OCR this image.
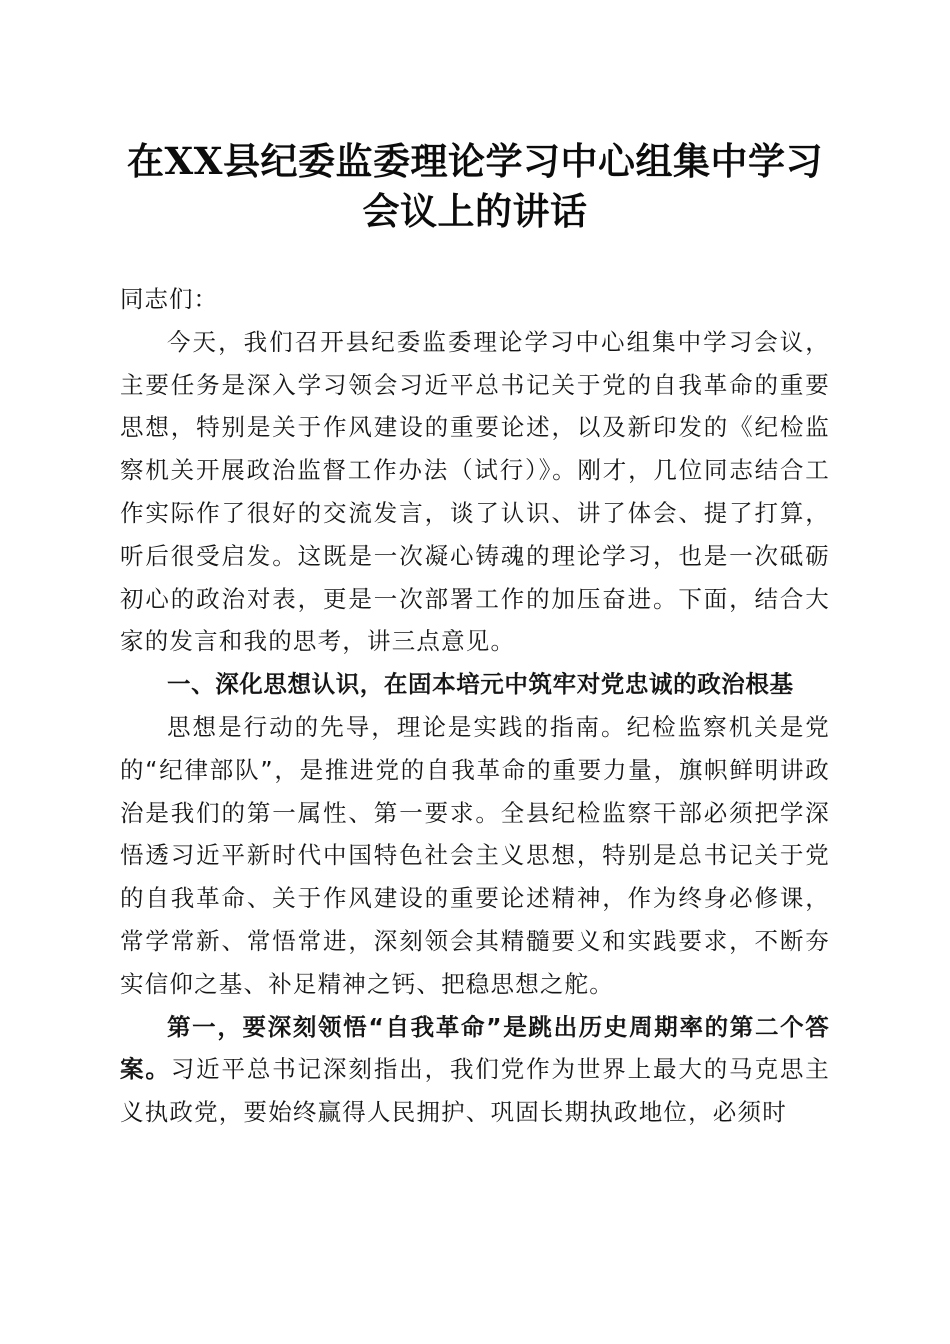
在XX县纪委监委理论学习中心组集中学习会议上的讲话

同志们：

今天，我们召开县纪委监委理论学习中心组集中学习会议，主要任务是深入学习领会习近平总书记关于党的自我革命的重要思想，特别是关于作风建设的重要论述，以及新印发的《纪检监察机关开展政治监督工作办法（试行）》。刚才，几位同志结合工作实际作了很好的交流发言，谈了认识、讲了体会、提了打算，听后很受启发。这既是一次凝心铸魂的理论学习，也是一次砥砺初心的政治对表，更是一次部署工作的加压奋进。下面，结合大家的发言和我的思考，讲三点意见。

一、深化思想认识，在固本培元中筑牢对党忠诚的政治根基

思想是行动的先导，理论是实践的指南。纪检监察机关是党的“纪律部队”，是推进党的自我革命的重要力量，旗帜鲜明讲政治是我们的第一属性、第一要求。全县纪检监察干部必须把学深悟透习近平新时代中国特色社会主义思想，特别是总书记关于党的自我革命、关于作风建设的重要论述精神，作为终身必修课，常学常新、常悟常进，深刻领会其精髓要义和实践要求，不断夯实信仰之基、补足精神之钙、把稳思想之舵。

第一，要深刻领悟“自我革命”是跳出历史周期率的第二个答案。习近平总书记深刻指出，我们党作为世界上最大的马克思主义执政党，要始终赢得人民拥护、巩固长期执政地位，必须时
